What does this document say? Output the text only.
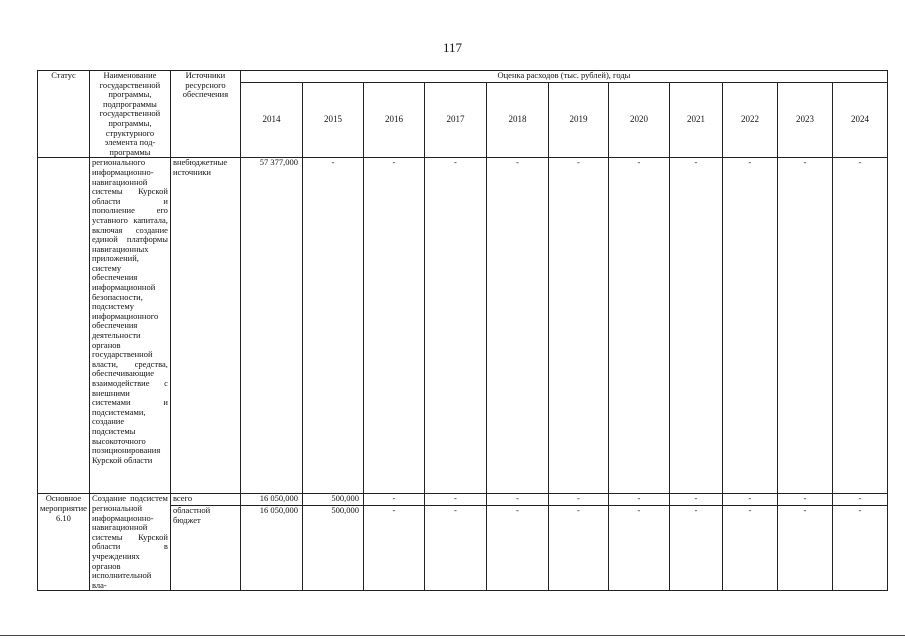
117
Статус	Наименование государственной программы, подпрограммы государственной программы, структурного элемента под-программы	Источники ресурсного обеспечения	Оценка расходов (тыс. рублей), годы										
			2014	2015	2016	2017	2018	2019	2020	2021	2022	2023	2024
	регионального информационно-навигационной системы Курской области и пополнение его уставного капитала, включая создание единой платформы навигационных приложений, систему обеспечения информационной безопасности, подсистему информационного обеспечения деятельности органов государственной власти, средства, обеспечивающие взаимодействие с внешними системами и подсистемами, создание подсистемы высокоточного позиционирования Курской области	внебюджетные источники	57 377,000	-	-	-	-	-	-	-	-	-	-
Основное мероприятие 6.10	Создание подсистем региональной информационно-навигационной системы Курской области в учреждениях органов исполнительной вла-	всего	16 050,000	500,000	-	-	-	-	-	-	-	-	-
		областной бюджет	16 050,000	500,000	-	-	-	-	-	-	-	-	-
